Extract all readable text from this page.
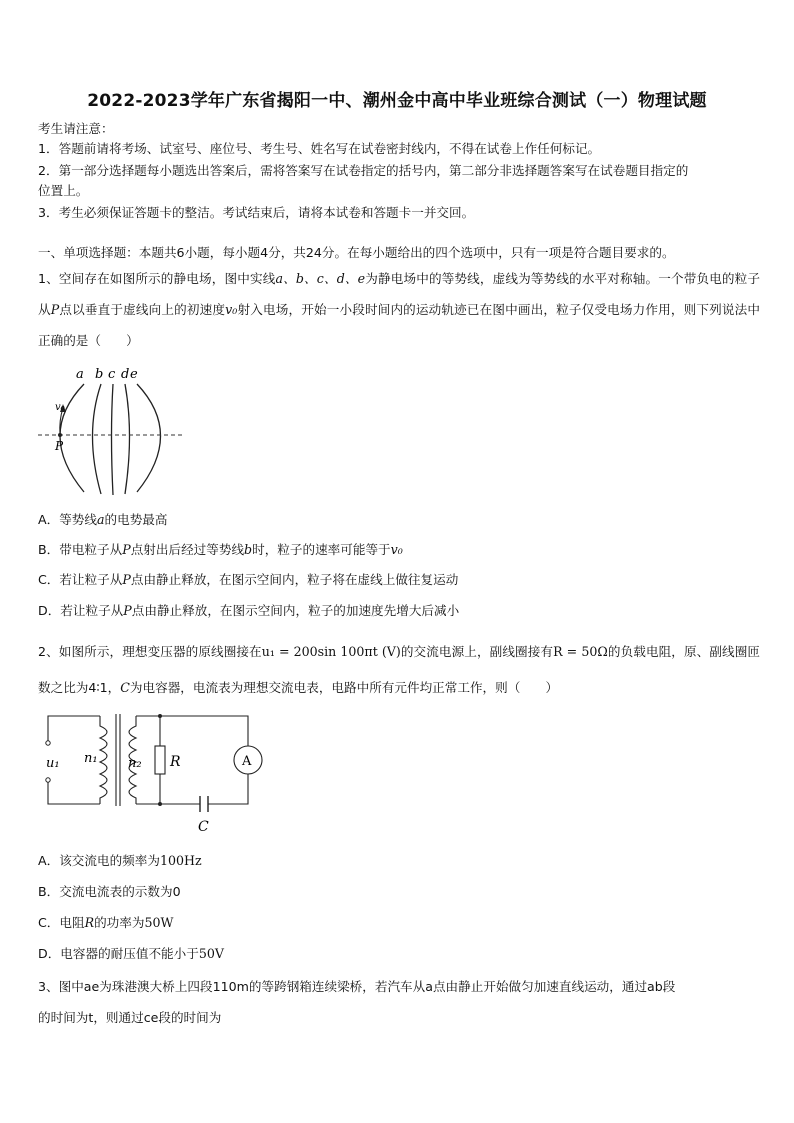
2022-2023学年广东省揭阳一中、潮州金中高中毕业班综合测试（一）物理试题
考生请注意：
1．答题前请将考场、试室号、座位号、考生号、姓名写在试卷密封线内，不得在试卷上作任何标记。
2．第一部分选择题每小题选出答案后，需将答案写在试卷指定的括号内，第二部分非选择题答案写在试卷题目指定的
位置上。
3．考生必须保证答题卡的整洁。考试结束后，请将本试卷和答题卡一并交回。
一、单项选择题：本题共6小题，每小题4分，共24分。在每小题给出的四个选项中，只有一项是符合题目要求的。
1、空间存在如图所示的静电场，图中实线a、b、c、d、e为静电场中的等势线，虚线为等势线的水平对称轴。一个带负电的粒子从P点以垂直于虚线向上的初速度v₀射入电场，开始一小段时间内的运动轨迹已在图中画出，粒子仅受电场力作用，则下列说法中正确的是（　　）
a b c d e
v₀
P
A．等势线a的电势最高
B．带电粒子从P点射出后经过等势线b时，粒子的速率可能等于v₀
C．若让粒子从P点由静止释放，在图示空间内，粒子将在虚线上做往复运动
D．若让粒子从P点由静止释放，在图示空间内，粒子的加速度先增大后减小
2、如图所示，理想变压器的原线圈接在u₁ = 200sin 100πt (V)的交流电源上，副线圈接有R = 50Ω的负载电阻，原、副线圈匝数之比为4∶1，C为电容器，电流表为理想交流电表，电路中所有元件均正常工作，则（　　）
u₁ n₁ n₂ R
C
A
A．该交流电的频率为100Hz
B．交流电流表的示数为0
C．电阻R的功率为50W
D．电容器的耐压值不能小于50V
3、图中ae为珠港澳大桥上四段110m的等跨钢箱连续梁桥，若汽车从a点由静止开始做匀加速直线运动，通过ab段
的时间为t，则通过ce段的时间为
